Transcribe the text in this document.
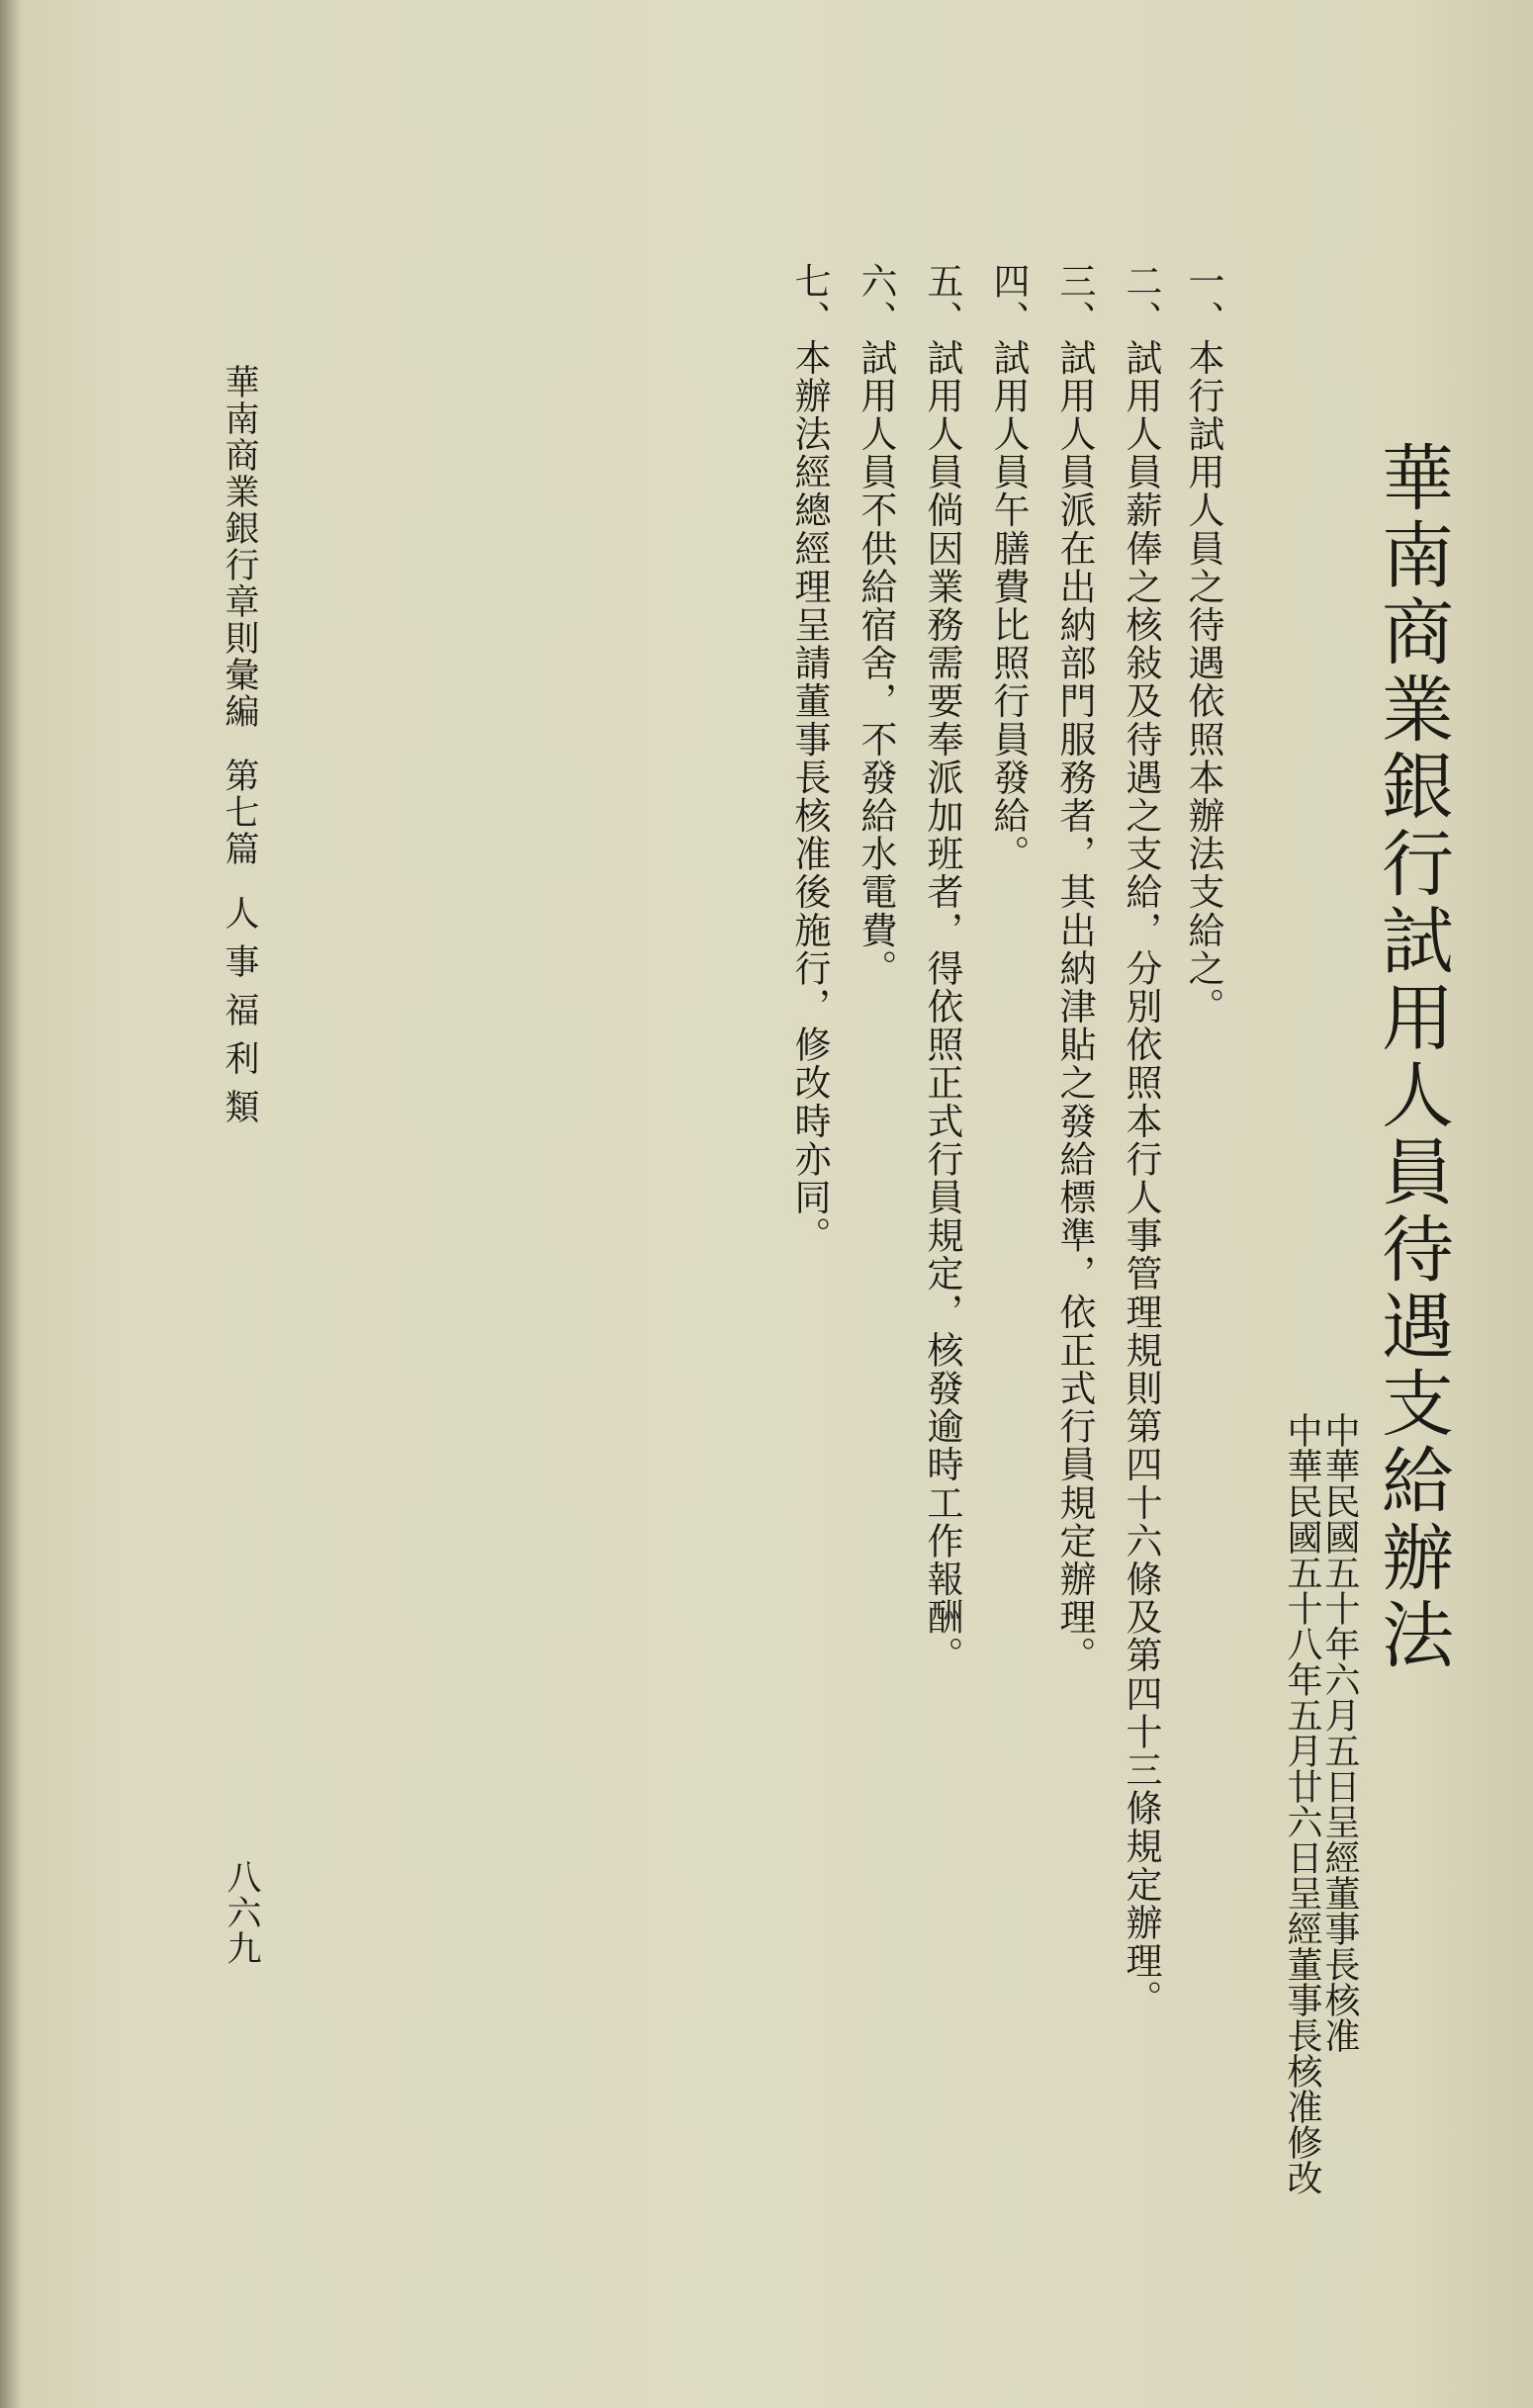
華南商業銀行試用人員待遇支給辦法
中華民國五十年六月五日呈經董事長核准
中華民國五十八年五月廿六日呈經董事長核准修改
一、本行試用人員之待遇依照本辦法支給之。
二、試用人員薪俸之核敍及待遇之支給，分別依照本行人事管理規則第四十六條及第四十三條規定辦理。
三、試用人員派在出納部門服務者，其出納津貼之發給標準，依正式行員規定辦理。
四、試用人員午膳費比照行員發給。
五、試用人員倘因業務需要奉派加班者，得依照正式行員規定，核發逾時工作報酬。
六、試用人員不供給宿舍，不發給水電費。
七、本辦法經總經理呈請董事長核准後施行，修改時亦同。
華南商業銀行章則彙編第七篇人事福利類
八六九
